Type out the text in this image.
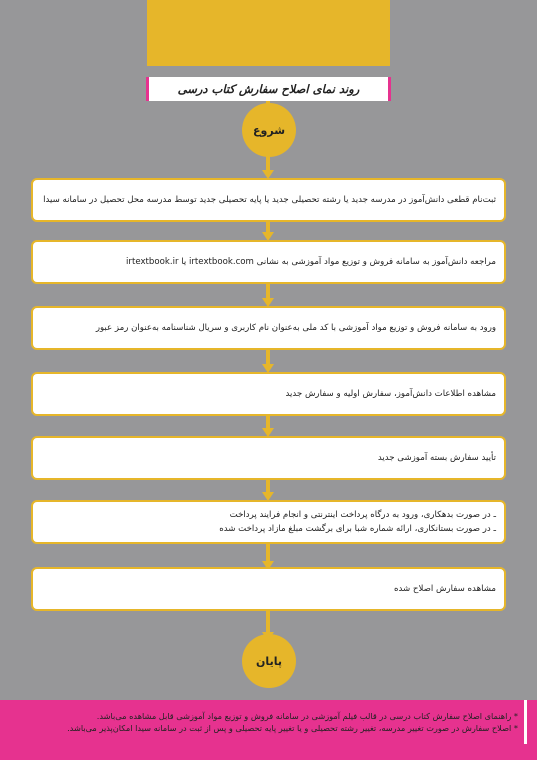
روند نمای اصلاح سفارش کتاب درسی
شروع
ثبت‌نام قطعی دانش‌آموز در مدرسه جدید یا رشته تحصیلی جدید یا پایه تحصیلی جدید توسط مدرسه محل تحصیل در سامانه سیدا
مراجعه دانش‌آموز به سامانه فروش و توزیع مواد آموزشی به نشانی irtextbook.com یا irtextbook.ir
ورود به سامانه فروش و توزیع مواد آموزشی با کد ملی به‌عنوان نام کاربری و سریال شناسنامه به‌عنوان رمز عبور
مشاهده اطلاعات دانش‌آموز، سفارش اولیه و سفارش جدید
تأیید سفارش بسته آموزشی جدید
ـ در صورت بدهکاری، ورود به درگاه پرداخت اینترنتی و انجام فرایند پرداخت
ـ در صورت بستانکاری، ارائه شماره شبا برای برگشت مبلغ مازاد پرداخت شده
مشاهده سفارش اصلاح شده
پایان
* راهنمای اصلاح سفارش کتاب درسی در قالب فیلم آموزشی در سامانه فروش و توزیع مواد آموزشی قابل مشاهده می‌باشد.
* اصلاح سفارش در صورت تغییر مدرسه، تغییر رشته تحصیلی و یا تغییر پایه تحصیلی و پس از ثبت در سامانه سیدا امکان‌پذیر می‌باشد.
